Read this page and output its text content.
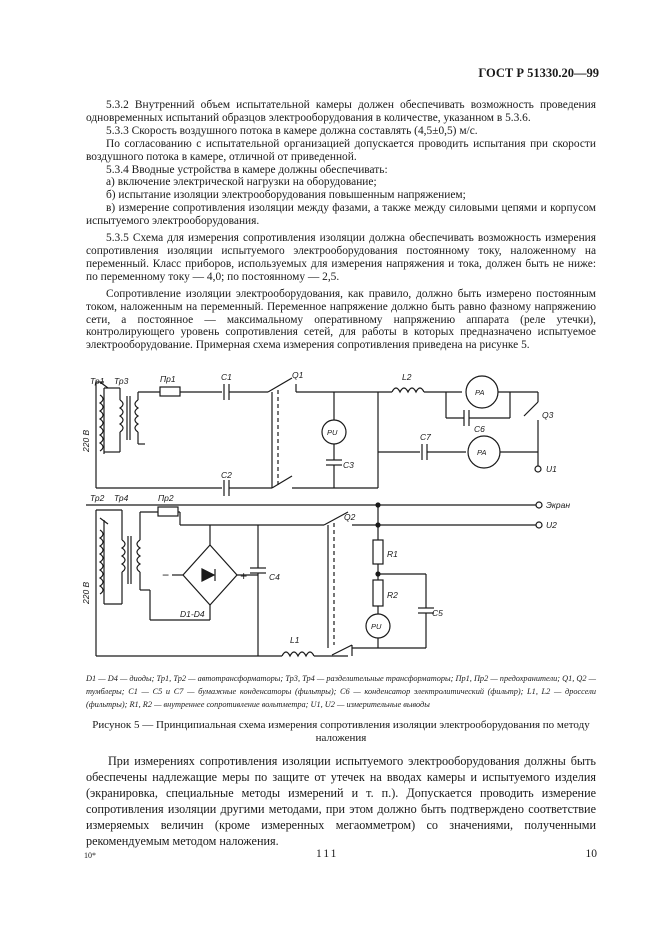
ГОСТ Р 51330.20—99

5.3.2 Внутренний объем испытательной камеры должен обеспечивать возможность проведения одновременных испытаний образцов электрооборудования в количестве, указанном в 5.3.6.

5.3.3 Скорость воздушного потока в камере должна составлять (4,5±0,5) м/с.

По согласованию с испытательной организацией допускается проводить испытания при скорости воздушного потока в камере, отличной от приведенной.

5.3.4 Вводные устройства в камере должны обеспечивать:

а) включение электрической нагрузки на оборудование;

б) испытание изоляции электрооборудования повышенным напряжением;

в) измерение сопротивления изоляции между фазами, а также между силовыми цепями и корпусом испытуемого электрооборудования.

5.3.5 Схема для измерения сопротивления изоляции должна обеспечивать возможность измерения сопротивления изоляции испытуемого электрооборудования постоянному току, наложенному на переменный. Класс приборов, используемых для измерения напряжения и тока, должен быть не ниже: по переменному току — 4,0; по постоянному — 2,5.

Сопротивление изоляции электрооборудования, как правило, должно быть измерено постоянным током, наложенным на переменный. Переменное напряжение должно быть равно фазному напряжению сети, а постоянное — максимальному оперативному напряжению аппарата (реле утечки), контролирующего уровень сопротивления сетей, для работы в которых предназначено испытуемое электрооборудование. Примерная схема измерения сопротивления приведена на рисунке 5.

Тр1 Тр3	Пр1	С1	Q1	L2
PA
С6
Q3
PU
С3
С7
PA
U1
С2
Тр2 Тр4	Пр2
Экран
Q2
U2
R1
R2
С5
PU
С4
D1-D4
L1
−	+
220 В
220 В
D1 — D4 — диоды; Тр1, Тр2 — автотрансформаторы; Тр3, Тр4 — разделительные трансформаторы; Пр1, Пр2 — предохранители; Q1, Q2 — тумблеры; С1 — С5 и С7 — бумажные конденсаторы (фильтры); С6 — конденсатор электролитический (фильтр); L1, L2 — дроссели (фильтры); R1, R2 — внутреннее сопротивление вольтметра; U1, U2 — измерительные выводы
Рисунок 5 — Принципиальная схема измерения сопротивления изоляции электрооборудования по методу наложения

При измерениях сопротивления изоляции испытуемого электрооборудования должны быть обеспечены надлежащие меры по защите от утечек на вводах камеры и испытуемого изделия (экранировка, специальные методы измерений и т. п.). Допускается проводить измерение сопротивления изоляции другими методами, при этом должно быть подтверждено соответствие измеряемых величин (кроме измеренных мегаомметром) со значениями, полученными рекомендуемым методом наложения.

10*	111	10
